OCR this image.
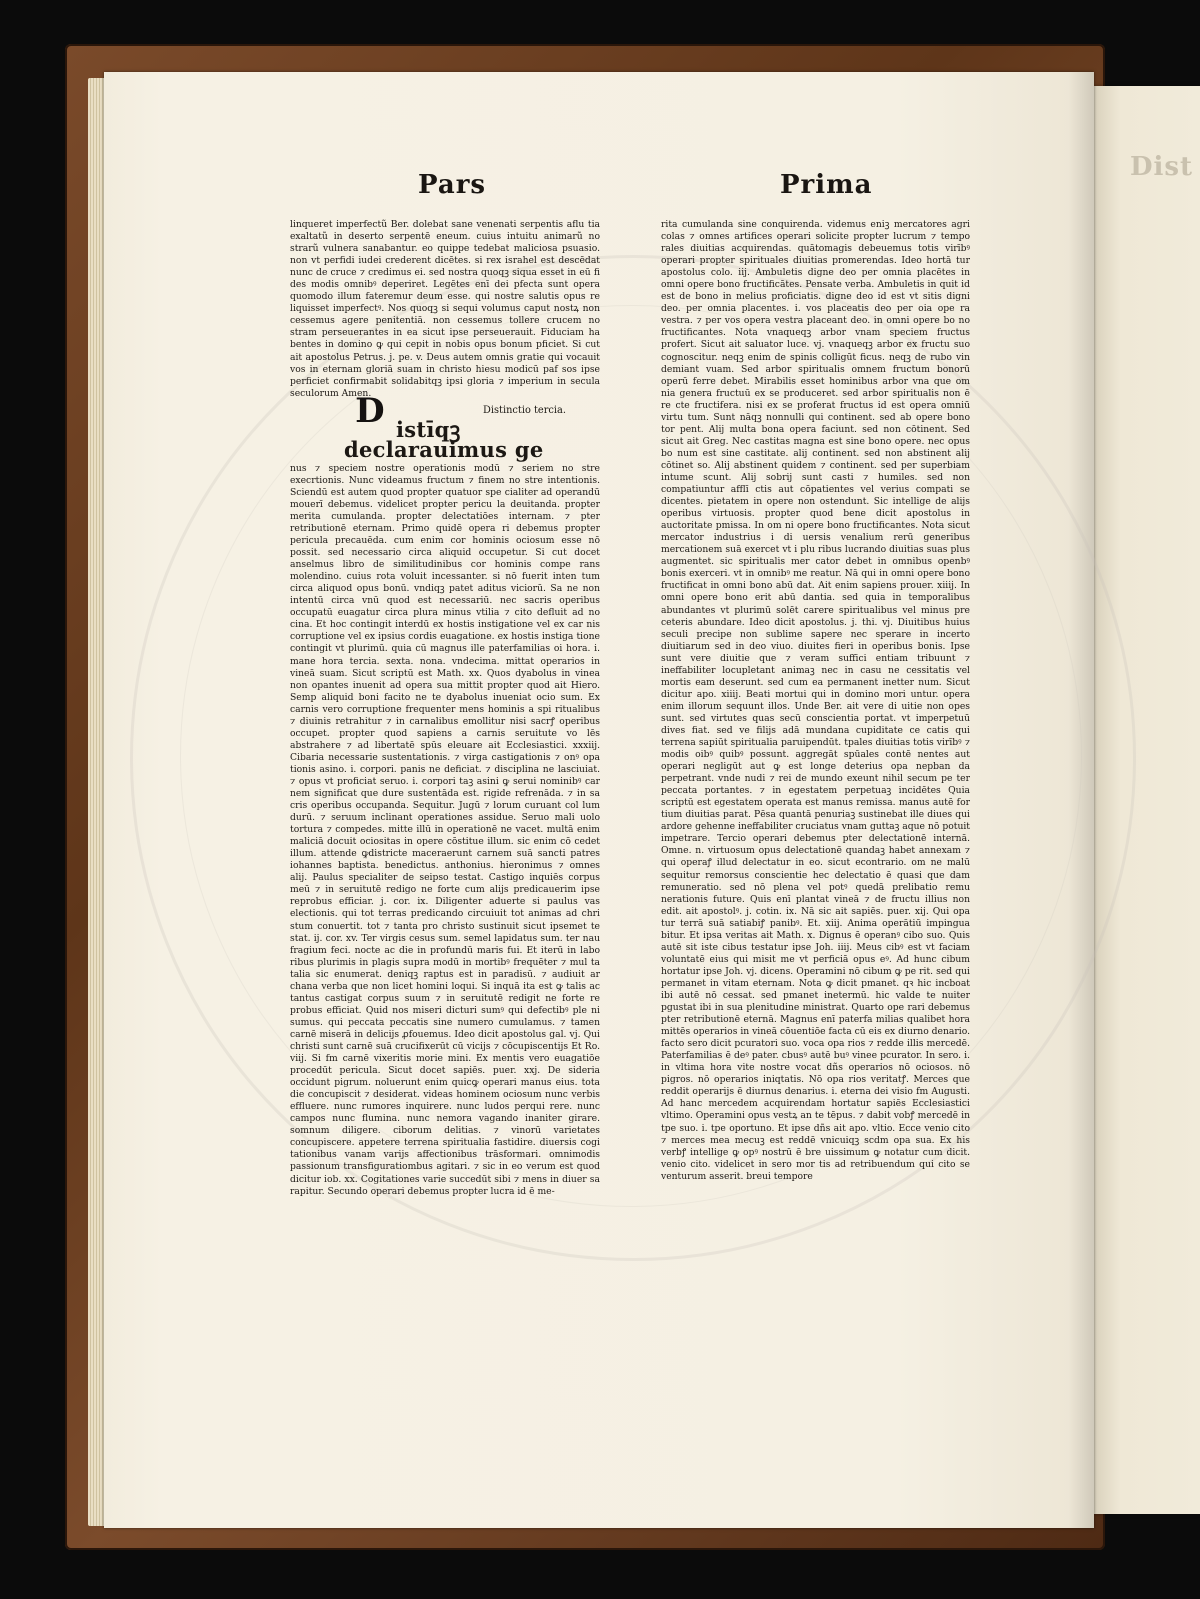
Dist
Pars	Prima

linqueret imperfectũ Ber. dolebat sane venenati serpentis aflu tia exaltatũ in deserto serpentē eneum. cuius intuitu animarũ no strarũ vulnera sanabantur. eo quippe tedebat maliciosa psuasio. non vt perfidi iudei crederent dicētes. si rex israhel est descēdat nunc de cruce ⁊ credimus ei. sed nostra quoqꝫ siqua esset in eū fi des modis omnibꝰ deperiret. Legētes enī dei pfecta sunt opera quomodo illum fateremur deum esse. qui nostre salutis opus re liquisset imperfectꝰ. Nos quoqꝫ si sequi volumus caput nostꝝ non cessemus agere penitentiā. non cessemus tollere crucem no stram perseuerantes in ea sicut ipse perseuerauit. Fiduciam ha bentes in domino ꝙ qui cepit in nobis opus bonum pficiet. Si cut ait apostolus Petrus. j. pe. v. Deus autem omnis gratie qui vocauit vos in eternam gloriā suam in christo hiesu modicū paf sos ipse perficiet confirmabit solidabitqꝫ ipsi gloria ⁊ imperium in secula seculorum Amen.

Distinctio tercia.

Distīqꝫ declarauimus ge

nus ⁊ speciem nostre operationis modū ⁊ seriem no stre execrtionis. Nunc videamus fructum ⁊ finem no stre intentionis. Sciendū est autem quod propter quatuor spe cialiter ad operandū mouerī debemus. videlicet propter pericu la deuitanda. propter merita cumulanda. propter delectatiōes internam. ⁊ pter retributionē eternam. Primo quidē opera ri debemus propter pericula precauēda. cum enim cor hominis ociosum esse nō possit. sed necessario circa aliquid occupetur. Si cut docet anselmus libro de similitudinibus cor hominis compe rans molendino. cuius rota voluit incessanter. si nō fuerit inten tum circa aliquod opus bonū. vndiqꝫ patet aditus viciorū. Sa ne non intentū circa vnū quod est necessariū. nec sacris operibus occupatū euagatur circa plura minus vtilia ⁊ cito defluit ad no cina. Et hoc contingit interdū ex hostis instigatione vel ex car nis corruptione vel ex ipsius cordis euagatione. ex hostis instiga tione contingit vt plurimū. quia cū magnus ille paterfamilias oi hora. i. mane hora tercia. sexta. nona. vndecima. mittat operarios in vineā suam. Sicut scriptū est Math. xx. Quos dyabolus in vinea non opantes inuenit ad opera sua mittit propter quod ait Hiero. Semp aliquid boni facito ne te dyabolus inueniat ocio sum. Ex carnis vero corruptione frequenter mens hominis a spi ritualibus ⁊ diuinis retrahitur ⁊ in carnalibus emollitur nisi sacrꝭ operibus occupet. propter quod sapiens a carnis seruitute vo lēs abstrahere ⁊ ad libertatē spūs eleuare ait Ecclesiastici. xxxiij. Cibaria necessarie sustentationis. ⁊ virga castigationis ⁊ onꝰ opa tionis asino. i. corpori. panis ne deficiat. ⁊ disciplina ne lasciuiat. ⁊ opus vt proficiat seruo. i. corpori taꝫ asini ꝙ serui nominibꝰ car nem significat que dure sustentāda est. rigide refrenāda. ⁊ in sa cris operibus occupanda. Sequitur. Jugū ⁊ lorum curuant col lum durū. ⁊ seruum inclinant operationes assidue. Seruo mali uolo tortura ⁊ compedes. mitte illū in operationē ne vacet. multā enim maliciā docuit ociositas in opere cōstitue illum. sic enim cō cedet illum. attende ꝙdistricte maceraerunt carnem suā sancti patres iohannes baptista. benedictus. anthonius. hieronimus ⁊ omnes alij. Paulus specialiter de seipso testat. Castigo inquiēs corpus meū ⁊ in seruitutē redigo ne forte cum alijs predicauerim ipse reprobus efficiar. j. cor. ix. Diligenter aduerte si paulus vas electionis. qui tot terras predicando circuiuit tot animas ad chri stum conuertit. tot ⁊ tanta pro christo sustinuit sicut ipsemet te stat. ij. cor. xv. Ter virgis cesus sum. semel lapidatus sum. ter nau fragium feci. nocte ac die in profundū maris fui. Et iterū in labo ribus plurimis in plagis supra modū in mortibꝰ frequēter ⁊ mul ta talia sic enumerat. deniqꝫ raptus est in paradisū. ⁊ audiuit ar chana verba que non licet homini loqui. Si inquā ita est ꝙ talis ac tantus castigat corpus suum ⁊ in seruitutē redigit ne forte re probus efficiat. Quid nos miseri dicturi sumꝰ qui defectibꝰ ple ni sumus. qui peccata peccatis sine numero cumulamus. ⁊ tamen carnē miserā in delicijs ꝓfouemus. Ideo dicit apostolus gal. vj. Qui christi sunt carnē suā crucifixerūt cū vicijs ⁊ cōcupiscentijs Et Ro. viij. Si fm carnē vixeritis morie mini. Ex mentis vero euagatiōe procedūt pericula. Sicut docet sapiēs. puer. xxj. De sideria occidunt pigrum. noluerunt enim quicꝙ operari manus eius. tota die concupiscit ⁊ desiderat. videas hominem ociosum nunc verbis effluere. nunc rumores inquirere. nunc ludos perqui rere. nunc campos nunc flumina. nunc nemora vagando inaniter girare. somnum diligere. ciborum delitias. ⁊ vinorū varietates concupiscere. appetere terrena spiritualia fastidire. diuersis cogi tationibus vanam varijs affectionibus trāsformari. omnimodis passionum transfiguratiombus agitari. ⁊ sic in eo verum est quod dicitur iob. xx. Cogitationes varie succedūt sibi ⁊ mens in diuer sa rapitur. Secundo operari debemus propter lucra id ē me-

rita cumulanda sine conquirenda. videmus eniꝫ mercatores agri colas ⁊ omnes artifices operari solicite propter lucrum ⁊ tempo rales diuitias acquirendas. quātomagis debeuemus totis virībꝰ operari propter spirituales diuitias promerendas. Ideo hortā tur apostolus colo. iij. Ambuletis digne deo per omnia placētes in omni opere bono fructificātes. Pensate verba. Ambuletis in quit id est de bono in melius proficiatis. digne deo id est vt sitis digni deo. per omnia placentes. i. vos placeatis deo per oia ope ra vestra. ⁊ per vos opera vestra placeant deo. in omni opere bo no fructificantes. Nota vnaqueqꝫ arbor vnam speciem fructus profert. Sicut ait saluator luce. vj. vnaqueqꝫ arbor ex fructu suo cognoscitur. neqꝫ enim de spinis colligūt ficus. neqꝫ de rubo vin demiant vuam. Sed arbor spiritualis omnem fructum bonorū operū ferre debet. Mirabilis esset hominibus arbor vna que om nia genera fructuū ex se produceret. sed arbor spiritualis non ē re cte fructifera. nisi ex se proferat fructus id est opera omniū virtu tum. Sunt nāqꝫ nonnulli qui continent. sed ab opere bono tor pent. Alij multa bona opera faciunt. sed non cōtinent. Sed sicut ait Greg. Nec castitas magna est sine bono opere. nec opus bo num est sine castitate. alij continent. sed non abstinent alij cōtinet so. Alij abstinent quidem ⁊ continent. sed per superbiam intume scunt. Alij sobrij sunt casti ⁊ humiles. sed non compatiuntur afflī ctis aut cōpatientes vel verius compati se dicentes. pietatem in opere non ostendunt. Sic intellige de alijs operibus virtuosis. propter quod bene dicit apostolus in auctoritate pmissa. In om ni opere bono fructificantes. Nota sicut mercator industrius i di uersis venalium rerū generibus mercationem suā exercet vt i plu ribus lucrando diuitias suas plus augmentet. sic spiritualis mer cator debet in omnibus openbꝰ bonis exerceri. vt in omnibꝰ me reatur. Nā qui in omni opere bono fructificat in omni bono abū dat. Ait enim sapiens prouer. xiiij. In omni opere bono erit abū dantia. sed quia in temporalibus abundantes vt plurimū solēt carere spiritualibus vel minus pre ceteris abundare. Ideo dicit apostolus. j. thi. vj. Diuitibus huius seculi precipe non sublime sapere nec sperare in incerto diuitiarum sed in deo viuo. diuites fieri in operibus bonis. Ipse sunt vere diuitie que ⁊ veram suffici entiam tribuunt ⁊ ineffabiliter locupletant animaꝫ nec in casu ne cessitatis vel mortis eam deserunt. sed cum ea permanent inetter num. Sicut dicitur apo. xiiij. Beati mortui qui in domino mori untur. opera enim illorum sequunt illos. Unde Ber. ait vere di uitie non opes sunt. sed virtutes quas secū conscientia portat. vt imperpetuū dives fiat. sed ve filijs adā mundana cupiditate ce catis qui terrena sapiūt spiritualia paruipendūt. tpales diuitias totis virībꝰ ⁊ modis oibꝰ quibꝰ possunt. aggregāt spūales contē nentes aut operari negligūt aut ꝙ est longe deterius opa nepban da perpetrant. vnde nudi ⁊ rei de mundo exeunt nihil secum pe ter peccata portantes. ⁊ in egestatem perpetuaꝫ incidētes Quia scriptū est egestatem operata est manus remissa. manus autē for tium diuitias parat. Pēsa quantā penuriaꝫ sustinebat ille diues qui ardore gehenne ineffabiliter cruciatus vnam guttaꝫ aque nō potuit impetrare. Tercio operari debemus pter delectationē internā. Omne. n. virtuosum opus delectationē quandaꝫ habet annexam ⁊ qui operaꝭ illud delectatur in eo. sicut econtrario. om ne malū sequitur remorsus conscientie hec delectatio ē quasi que dam remuneratio. sed nō plena vel potꝰ quedā prelibatio remu nerationis future. Quis enī plantat vineā ⁊ de fructu illius non edit. ait apostolꝰ. j. cotin. ix. Nā sic ait sapiēs. puer. xij. Qui opa tur terrā suā satiabiꝭ panibꝰ. Et. xiij. Anima operātiū impingua bitur. Et ipsa veritas ait Math. x. Dignus ē operanꝰ cibo suo. Quis autē sit iste cibus testatur ipse Joh. iiij. Meus cibꝰ est vt faciam voluntatē eius qui misit me vt perficiā opus eꝰ. Ad hunc cibum hortatur ipse Joh. vj. dicens. Operamini nō cibum ꝙ pe rit. sed qui permanet in vitam eternam. Nota ꝙ dicit pmanet. qꝛ hic incboat ibi autē nō cessat. sed pmanet inetermū. hic valde te nuiter pgustat ibi in sua plenitudine ministrat. Quarto ope rari debemus pter retributionē eternā. Magnus enī paterfa milias qualibet hora mittēs operarios in vineā cōuentiōe facta cū eis ex diurno denario. facto sero dicit pcuratori suo. voca opa rios ⁊ redde illis mercedē. Paterfamilias ē deꝰ pater. cbusꝰ autē buꝰ vinee pcurator. In sero. i. in vltima hora vite nostre vocat dñs operarios nō ociosos. nō pigros. nō operarios iniqtatis. Nō opa rios veritatꝭ. Merces que reddit operarijs ē diurnus denarius. i. eterna dei visio fm Augusti. Ad hanc mercedem acquirendam hortatur sapiēs Ecclesiastici vltimo. Operamini opus vestꝝ an te tēpus. ⁊ dabit vobꝭ mercedē in tpe suo. i. tpe oportuno. Et ipse dñs ait apo. vltio. Ecce venio cito ⁊ merces mea mecuꝫ est reddē vnicuiqꝫ scdm opa sua. Ex his verbꝭ intellige ꝙ opꝰ nostrū ē bre uissimum ꝙ notatur cum dicit. venio cito. videlicet in sero mor tis ad retribuendum qui cito se venturum asserit. breui tempore
